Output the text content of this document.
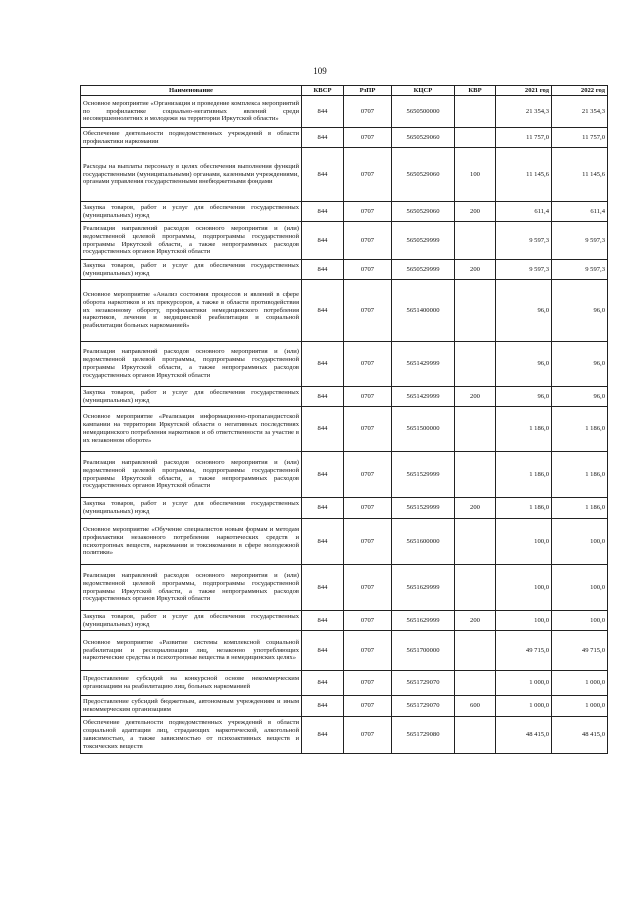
109
Наименование	КВСР	РзПР	КЦСР	КВР	2021 год	2022 год
Основное мероприятие «Организация и проведение комплекса мероприятий по профилактике социально-негативных явлений среди несовершеннолетних и молодежи на территории Иркутской области»	844	0707	5650500000		21 354,3	21 354,3
Обеспечение деятельности подведомственных учреждений в области профилактики наркомании	844	0707	5650529060		11 757,0	11 757,0
Расходы на выплаты персоналу в целях обеспечения выполнения функций государственными (муниципальными) органами, казенными учреждениями, органами управления государственными внебюджетными фондами	844	0707	5650529060	100	11 145,6	11 145,6
Закупка товаров, работ и услуг для обеспечения государственных (муниципальных) нужд	844	0707	5650529060	200	611,4	611,4
Реализация направлений расходов основного мероприятия и (или) ведомственной целевой программы, подпрограммы государственной программы Иркутской области, а также непрограммных расходов государственных органов Иркутской области	844	0707	5650529999		9 597,3	9 597,3
Закупка товаров, работ и услуг для обеспечения государственных (муниципальных) нужд	844	0707	5650529999	200	9 597,3	9 597,3
Основное мероприятие «Анализ состояния процессов и явлений в сфере оборота наркотиков и их прекурсоров, а также в области противодействия их незаконному обороту, профилактики немедицинского потребления наркотиков, лечения и медицинской реабилитации и социальной реабилитации больных наркоманией»	844	0707	5651400000		96,0	96,0
Реализация направлений расходов основного мероприятия и (или) ведомственной целевой программы, подпрограммы государственной программы Иркутской области, а также непрограммных расходов государственных органов Иркутской области	844	0707	5651429999		96,0	96,0
Закупка товаров, работ и услуг для обеспечения государственных (муниципальных) нужд	844	0707	5651429999	200	96,0	96,0
Основное мероприятие «Реализация информационно-пропагандистской кампании на территории Иркутской области о негативных последствиях немедицинского потребления наркотиков и об ответственности за участие в их незаконном обороте»	844	0707	5651500000		1 186,0	1 186,0
Реализация направлений расходов основного мероприятия и (или) ведомственной целевой программы, подпрограммы государственной программы Иркутской области, а также непрограммных расходов государственных органов Иркутской области	844	0707	5651529999		1 186,0	1 186,0
Закупка товаров, работ и услуг для обеспечения государственных (муниципальных) нужд	844	0707	5651529999	200	1 186,0	1 186,0
Основное мероприятие «Обучение специалистов новым формам и методам профилактики незаконного потребления наркотических средств и психотропных веществ, наркомании и токсикомании в сфере молодежной политики»	844	0707	5651600000		100,0	100,0
Реализация направлений расходов основного мероприятия и (или) ведомственной целевой программы, подпрограммы государственной программы Иркутской области, а также непрограммных расходов государственных органов Иркутской области	844	0707	5651629999		100,0	100,0
Закупка товаров, работ и услуг для обеспечения государственных (муниципальных) нужд	844	0707	5651629999	200	100,0	100,0
Основное мероприятие «Развитие системы комплексной социальной реабилитации и ресоциализации лиц, незаконно употребляющих наркотические средства и психотропные вещества в немедицинских целях»	844	0707	5651700000		49 715,0	49 715,0
Предоставление субсидий на конкурсной основе некоммерческим организациям на реабилитацию лиц, больных наркоманией	844	0707	5651729070		1 000,0	1 000,0
Предоставление субсидий бюджетным, автономным учреждениям и иным некоммерческим организациям	844	0707	5651729070	600	1 000,0	1 000,0
Обеспечение деятельности подведомственных учреждений в области социальной адаптации лиц, страдающих наркотической, алкогольной зависимостью, а также зависимостью от психоактивных веществ и токсических веществ	844	0707	5651729080		48 415,0	48 415,0
